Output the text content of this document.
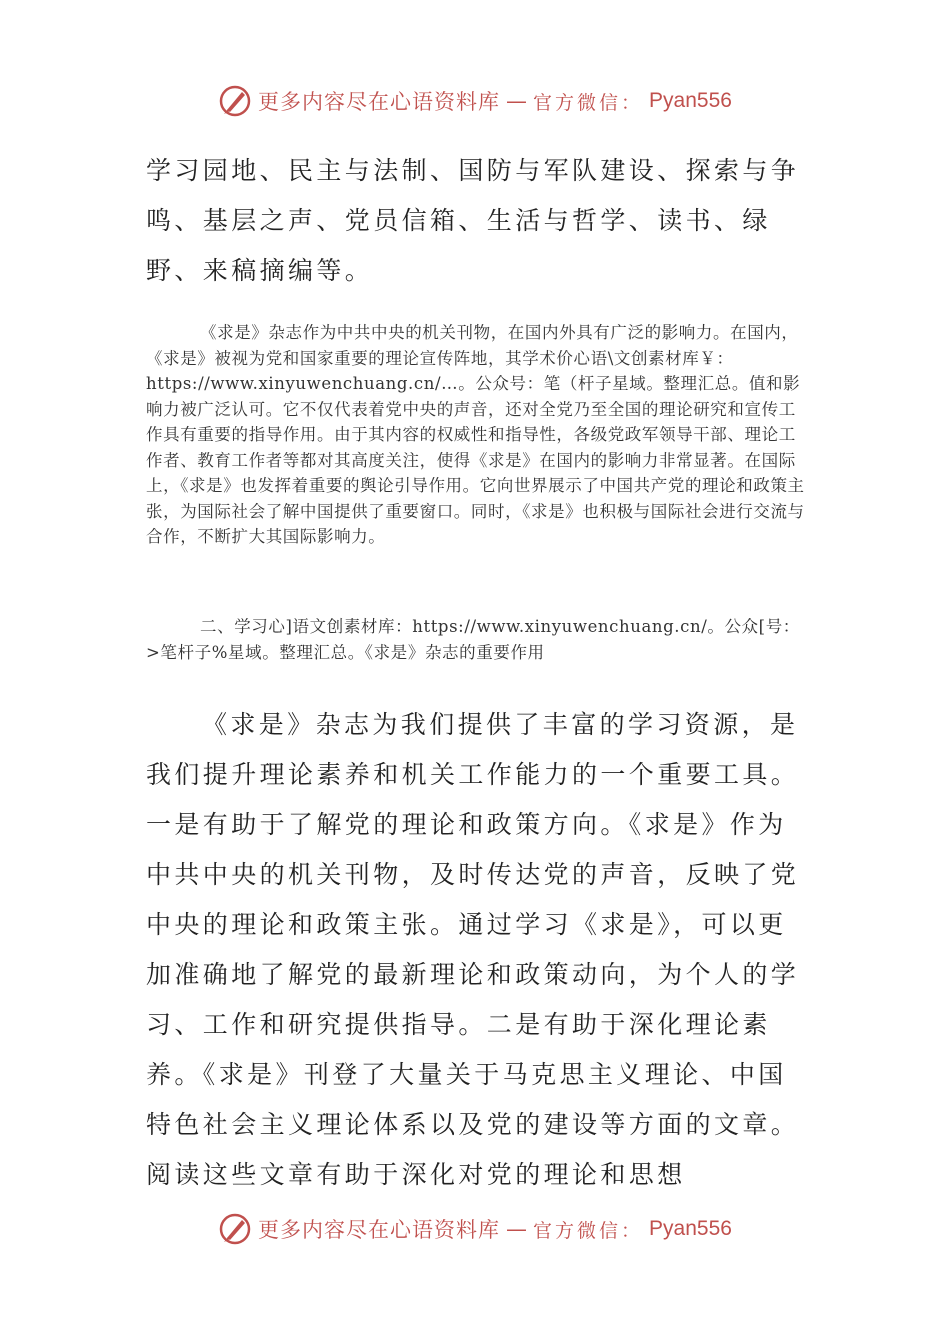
更多内容尽在心语资料库 — 官方微信： Pyan556

学习园地、民主与法制、国防与军队建设、探索与争鸣、基层之声、党员信箱、生活与哲学、读书、绿野、来稿摘编等。

《求是》杂志作为中共中央的机关刊物，在国内外具有广泛的影响力。在国内，《求是》被视为党和国家重要的理论宣传阵地，其学术价心语\文创素材库￥：https://www.xinyuwenchuang.cn/…。公众号：笔（杆子星域。整理汇总。值和影响力被广泛认可。它不仅代表着党中央的声音，还对全党乃至全国的理论研究和宣传工作具有重要的指导作用。由于其内容的权威性和指导性，各级党政军领导干部、理论工作者、教育工作者等都对其高度关注，使得《求是》在国内的影响力非常显著。在国际上，《求是》也发挥着重要的舆论引导作用。它向世界展示了中国共产党的理论和政策主张，为国际社会了解中国提供了重要窗口。同时，《求是》也积极与国际社会进行交流与合作，不断扩大其国际影响力。

二、学习心]语文创素材库：https://www.xinyuwenchuang.cn/。公众[号：>笔杆子%星域。整理汇总。《求是》杂志的重要作用

《求是》杂志为我们提供了丰富的学习资源，是我们提升理论素养和机关工作能力的一个重要工具。一是有助于了解党的理论和政策方向。《求是》作为中共中央的机关刊物，及时传达党的声音，反映了党中央的理论和政策主张。通过学习《求是》，可以更加准确地了解党的最新理论和政策动向，为个人的学习、工作和研究提供指导。二是有助于深化理论素养。《求是》刊登了大量关于马克思主义理论、中国特色社会主义理论体系以及党的建设等方面的文章。阅读这些文章有助于深化对党的理论和思想

更多内容尽在心语资料库 — 官方微信： Pyan556
